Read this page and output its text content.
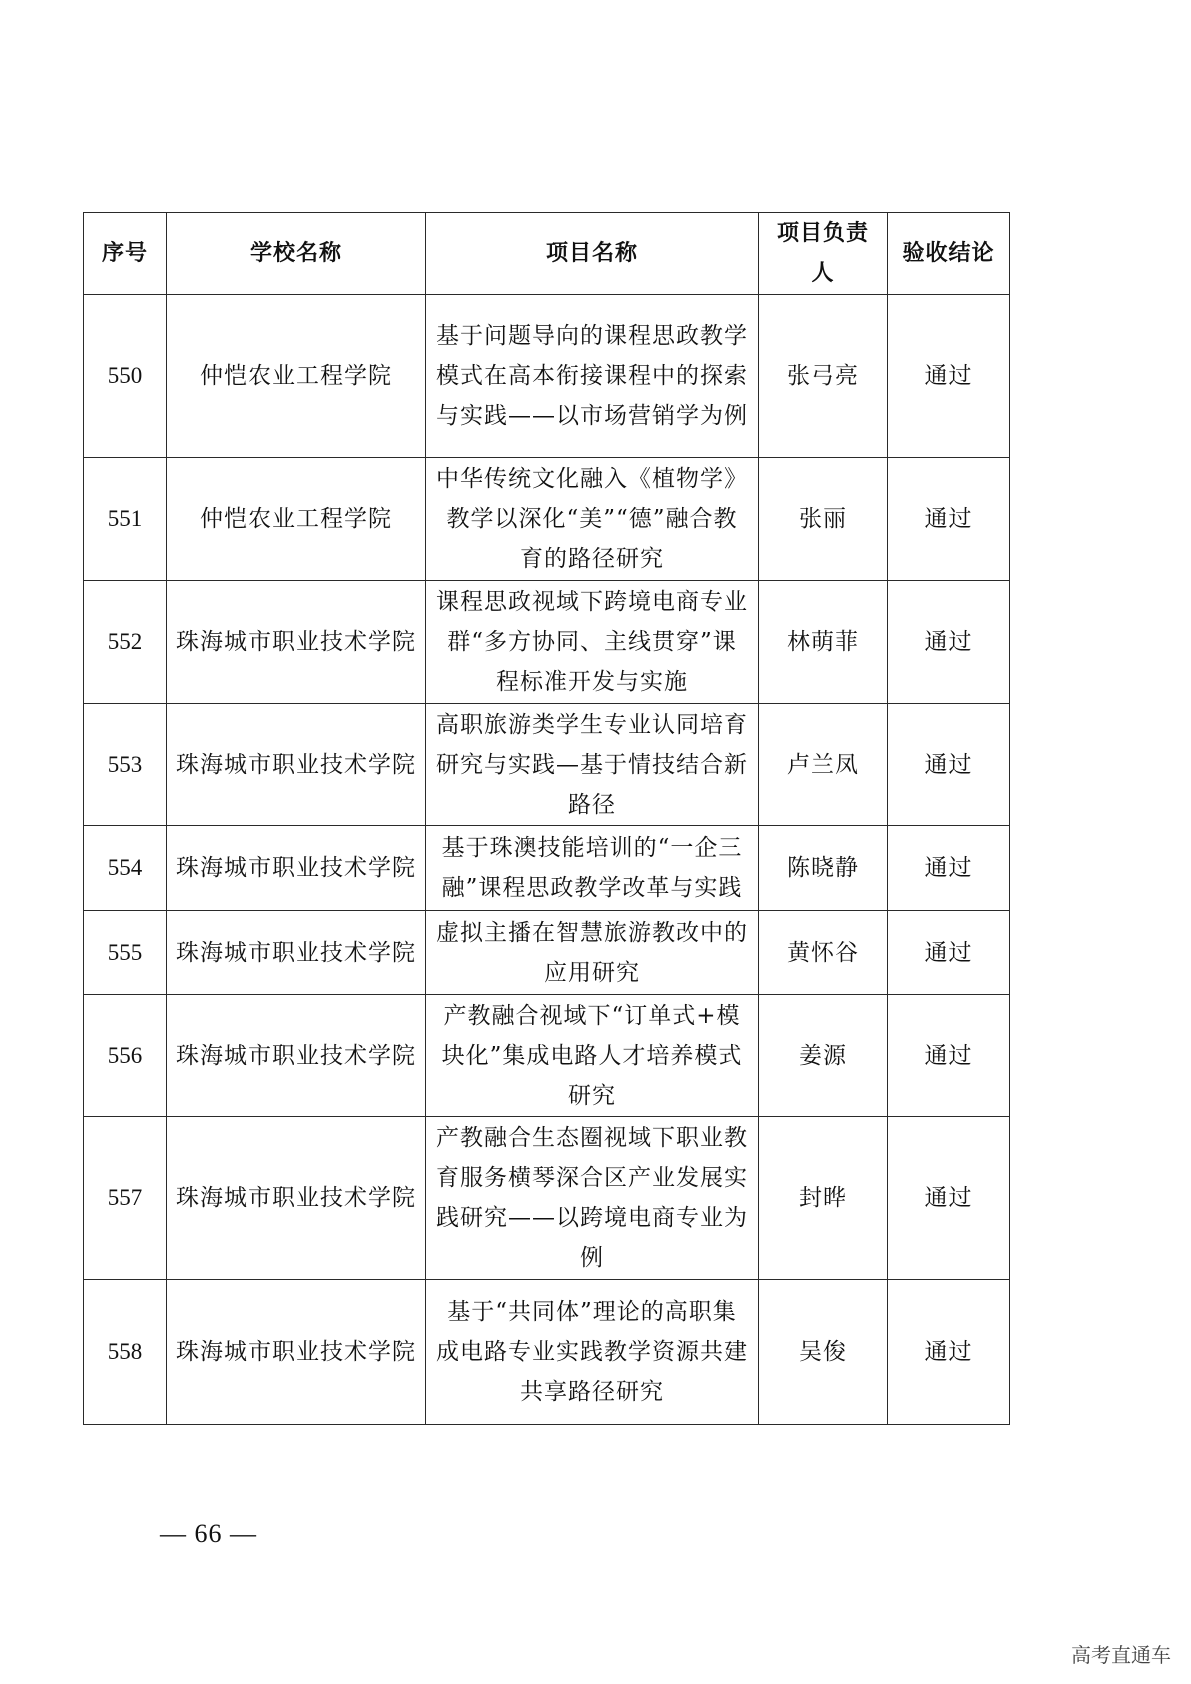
序号	学校名称	项目名称	项目负责人	验收结论
550	仲恺农业工程学院	基于问题导向的课程思政教学模式在高本衔接课程中的探索与实践——以市场营销学为例	张弓亮	通过
551	仲恺农业工程学院	中华传统文化融入《植物学》教学以深化“美”“德”融合教育的路径研究	张丽	通过
552	珠海城市职业技术学院	课程思政视域下跨境电商专业群“多方协同、主线贯穿”课程标准开发与实施	林萌菲	通过
553	珠海城市职业技术学院	高职旅游类学生专业认同培育研究与实践—基于情技结合新路径	卢兰凤	通过
554	珠海城市职业技术学院	基于珠澳技能培训的“一企三融”课程思政教学改革与实践	陈晓静	通过
555	珠海城市职业技术学院	虚拟主播在智慧旅游教改中的应用研究	黄怀谷	通过
556	珠海城市职业技术学院	产教融合视域下“订单式+模块化”集成电路人才培养模式研究	姜源	通过
557	珠海城市职业技术学院	产教融合生态圈视域下职业教育服务横琴深合区产业发展实践研究——以跨境电商专业为例	封晔	通过
558	珠海城市职业技术学院	基于“共同体”理论的高职集成电路专业实践教学资源共建共享路径研究	吴俊	通过
— 66 —
高考直通车
